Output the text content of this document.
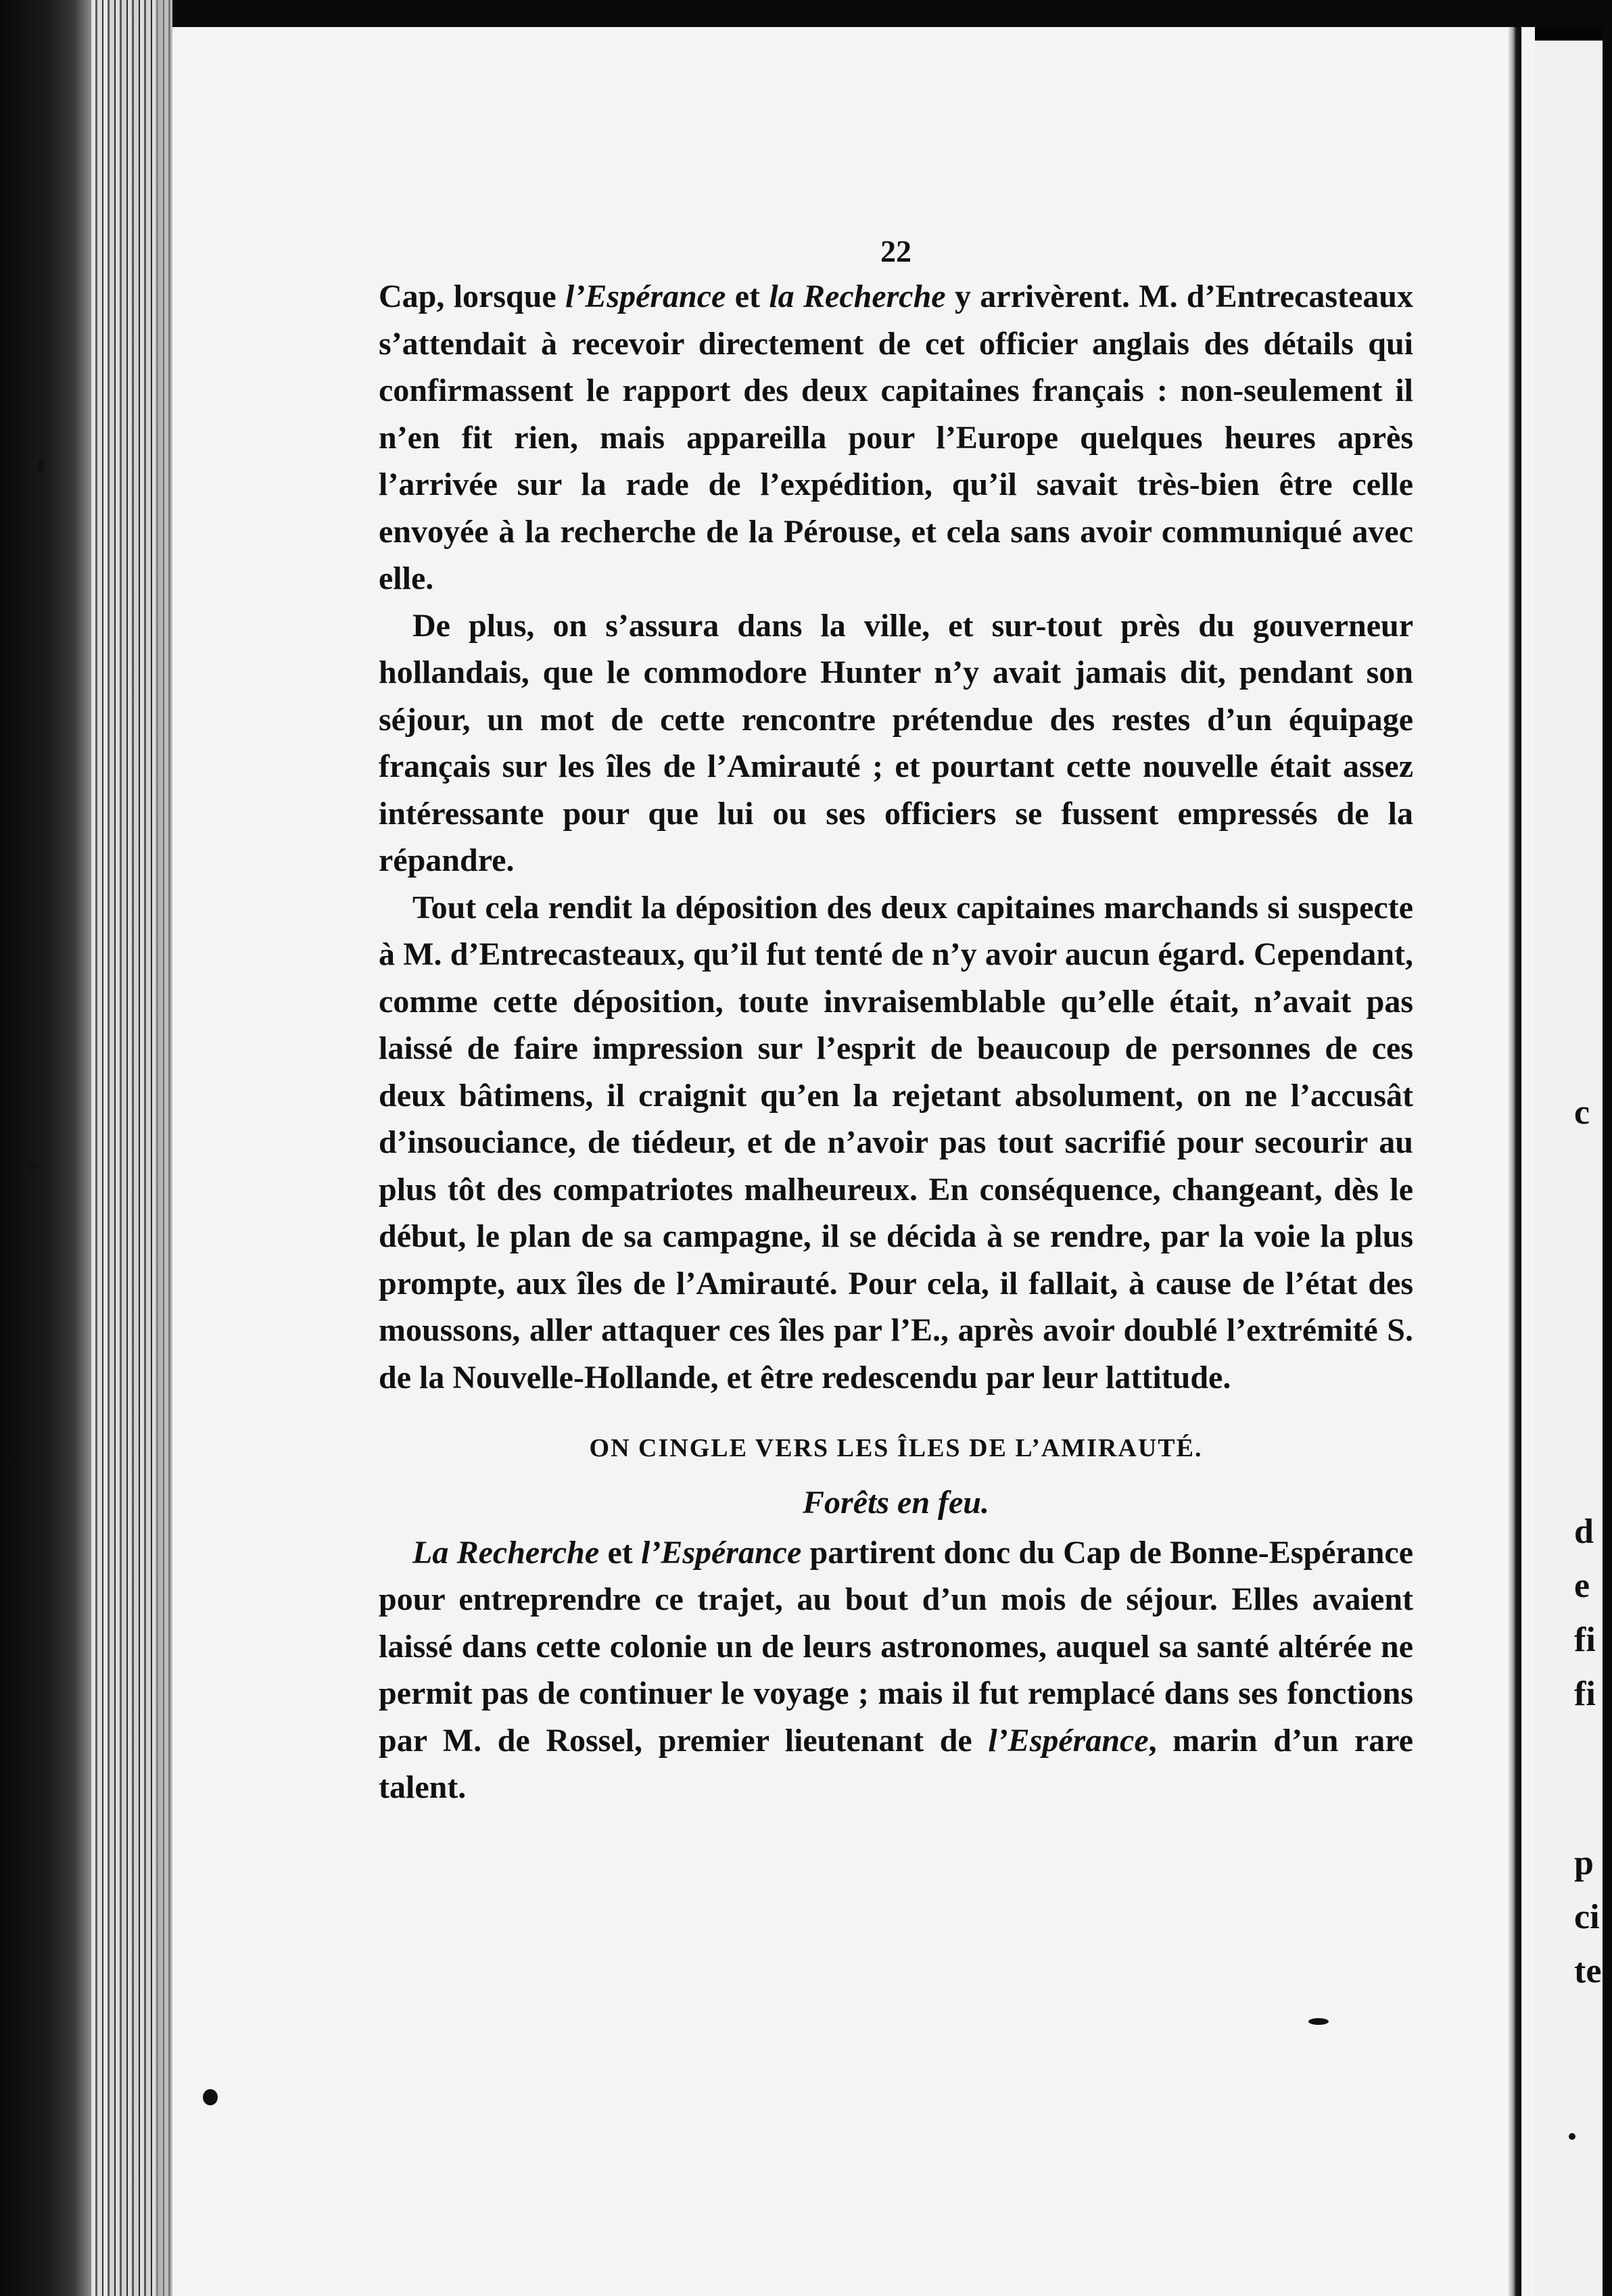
c
d
e
fi
fi
p
ci
te
22

Cap, lorsque l’Espérance et la Recherche y arrivèrent. M. d’Entrecasteaux s’attendait à recevoir directement de cet officier anglais des détails qui confirmassent le rapport des deux capitaines français : non-seulement il n’en fit rien, mais appareilla pour l’Europe quelques heures après l’arrivée sur la rade de l’expédition, qu’il savait très-bien être celle envoyée à la recherche de la Pérouse, et cela sans avoir communiqué avec elle.

De plus, on s’assura dans la ville, et sur-tout près du gouverneur hollandais, que le commodore Hunter n’y avait jamais dit, pendant son séjour, un mot de cette rencontre prétendue des restes d’un équipage français sur les îles de l’Amirauté ; et pourtant cette nouvelle était assez intéressante pour que lui ou ses officiers se fussent empressés de la répandre.

Tout cela rendit la déposition des deux capitaines marchands si suspecte à M. d’Entrecasteaux, qu’il fut tenté de n’y avoir aucun égard. Cependant, comme cette déposition, toute invraisemblable qu’elle était, n’avait pas laissé de faire impression sur l’esprit de beaucoup de personnes de ces deux bâtimens, il craignit qu’en la rejetant absolument, on ne l’accusât d’insouciance, de tiédeur, et de n’avoir pas tout sacrifié pour secourir au plus tôt des compatriotes malheureux. En conséquence, changeant, dès le début, le plan de sa campagne, il se décida à se rendre, par la voie la plus prompte, aux îles de l’Amirauté. Pour cela, il fallait, à cause de l’état des moussons, aller attaquer ces îles par l’E., après avoir doublé l’extrémité S. de la Nouvelle-Hollande, et être redescendu par leur lattitude.

ON CINGLE VERS LES ÎLES DE L’AMIRAUTÉ.
Forêts en feu.

La Recherche et l’Espérance partirent donc du Cap de Bonne-Espérance pour entreprendre ce trajet, au bout d’un mois de séjour. Elles avaient laissé dans cette colonie un de leurs astronomes, auquel sa santé altérée ne permit pas de continuer le voyage ; mais il fut remplacé dans ses fonctions par M. de Rossel, premier lieutenant de l’Espérance, marin d’un rare talent.
